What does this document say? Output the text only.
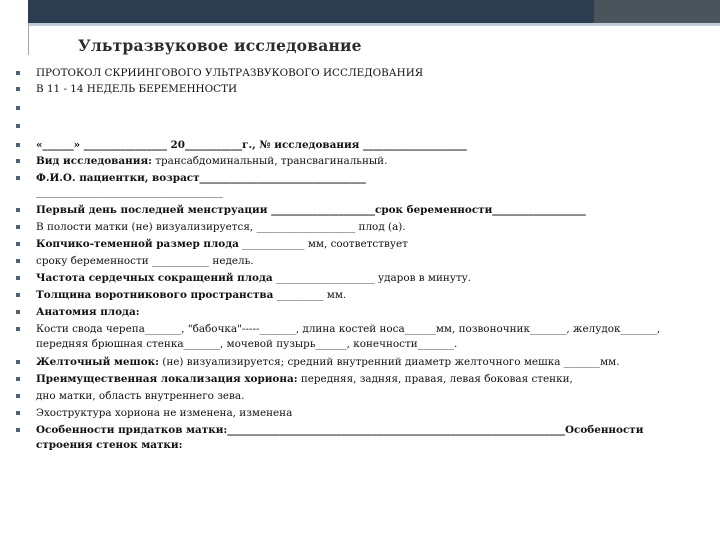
Ультразвуковое исследование
ПРОТОКОЛ СКРИИНГОВОГО УЛЬТРАЗВУКОВОГО ИССЛЕДОВАНИЯ
В 11 - 14 НЕДЕЛЬ БЕРЕМЕННОСТИ
«______» ________________ 20___________г., № исследования ____________________
Вид исследования: трансабдоминальный, трансвагинальный.
Ф.И.О. пациентки, возраст________________________________
____________________________________
Первый день последней менструации ____________________срок беременности__________________
В полости матки (не) визуализируется, ___________________ плод (а).
Копчико-теменной размер плода ____________ мм, соответствует
сроку беременности ___________ недель.
Частота сердечных сокращений плода ___________________ ударов в минуту.
Толщина воротникового пространства _________ мм.
Анатомия плода:
Кости свода черепа_______, "бабочка"-----_______, длина костей носа______мм, позвоночник_______, желудок_______, передняя брюшная стенка_______, мочевой пузырь______, конечности_______.
Желточный мешок: (не) визуализируется; средний внутренний диаметр желточного мешка _______мм.
Преимущественная локализация хориона: передняя, задняя, правая, левая боковая стенки,
дно матки, область внутреннего зева.
Эхоструктура хориона не изменена, изменена
Особенности придатков матки:_________________________________________________________________Особенности строения стенок матки:
